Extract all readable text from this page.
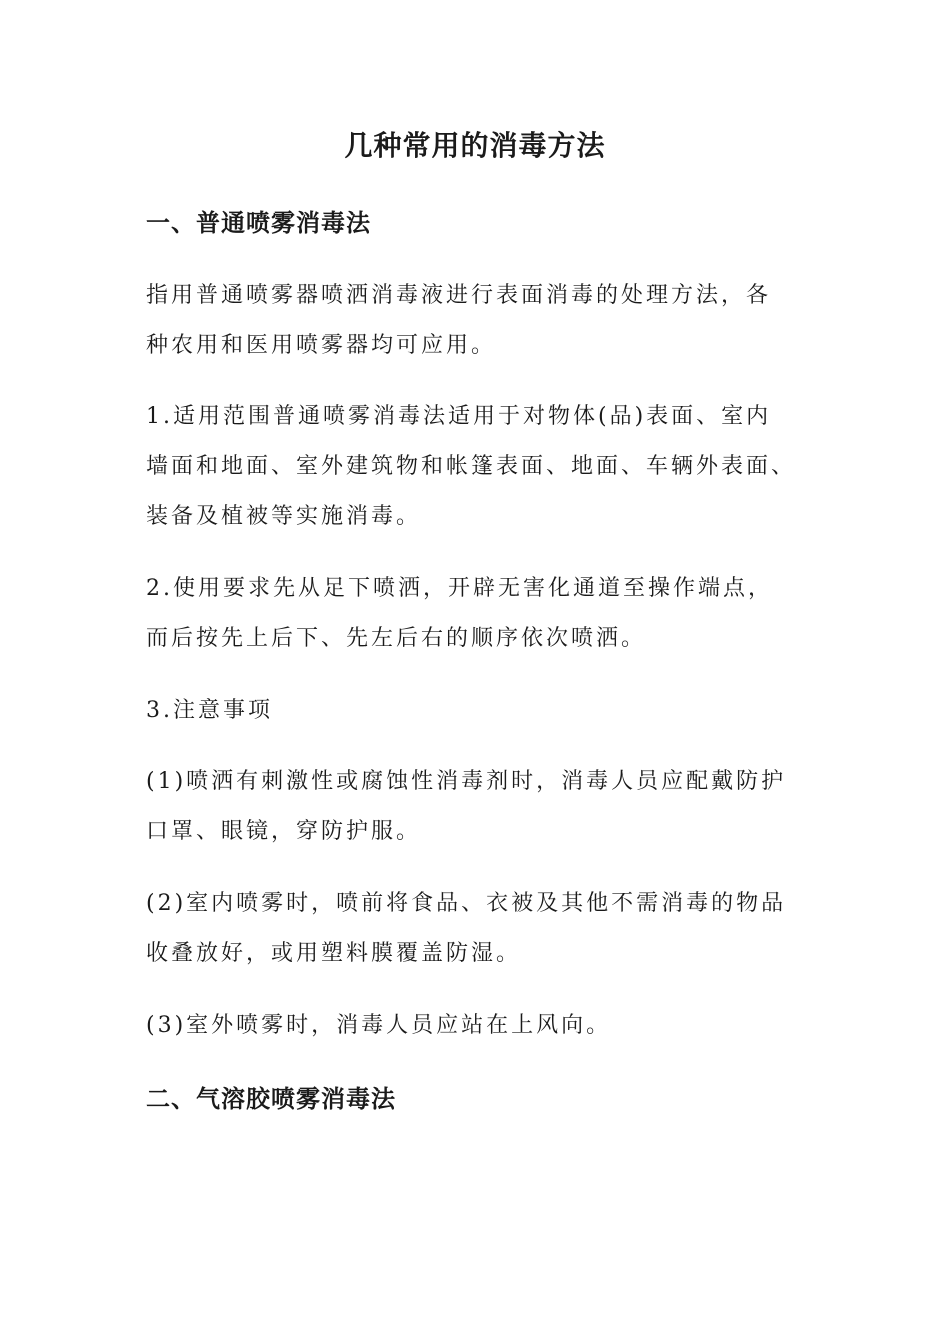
几种常用的消毒方法
一、普通喷雾消毒法

指用普通喷雾器喷洒消毒液进行表面消毒的处理方法，各
种农用和医用喷雾器均可应用。

1.适用范围普通喷雾消毒法适用于对物体(品)表面、室内
墙面和地面、室外建筑物和帐篷表面、地面、车辆外表面、
装备及植被等实施消毒。

2.使用要求先从足下喷洒，开辟无害化通道至操作端点，
而后按先上后下、先左后右的顺序依次喷洒。

3.注意事项

(1)喷洒有刺激性或腐蚀性消毒剂时，消毒人员应配戴防护
口罩、眼镜，穿防护服。

(2)室内喷雾时，喷前将食品、衣被及其他不需消毒的物品
收叠放好，或用塑料膜覆盖防湿。

(3)室外喷雾时，消毒人员应站在上风向。

二、气溶胶喷雾消毒法
